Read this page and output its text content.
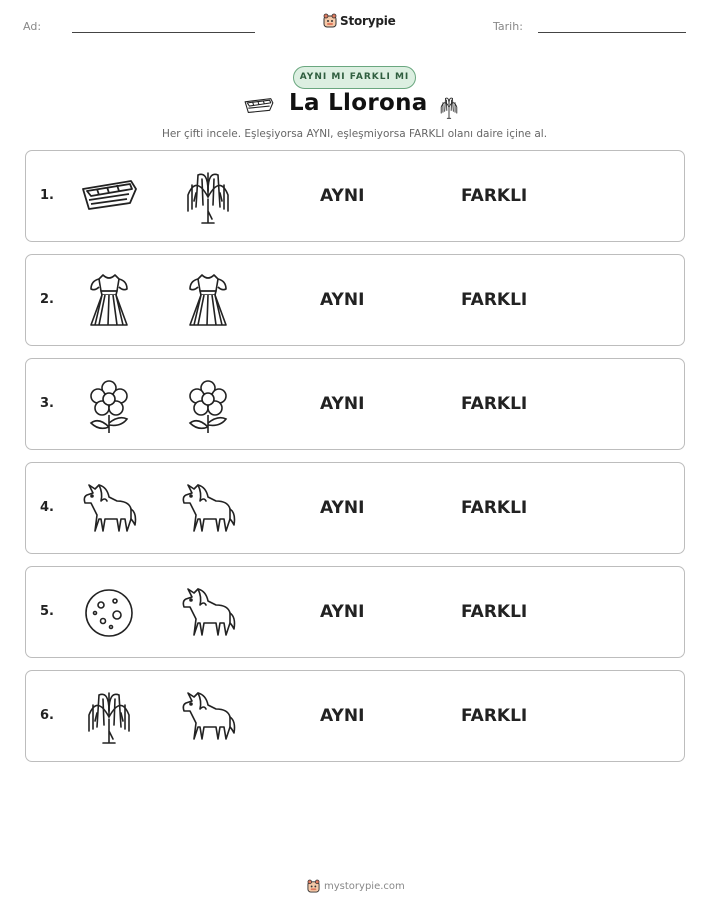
Ad:	Storypie	Tarih:
AYNI MI FARKLI MI
La Llorona
Her çifti incele. Eşleşiyorsa AYNI, eşleşmiyorsa FARKLI olanı daire içine al.
1.	AYNI	FARKLI
2.	AYNI	FARKLI
3.	AYNI	FARKLI
4.	AYNI	FARKLI
5.	AYNI	FARKLI
6.	AYNI	FARKLI
mystorypie.com
